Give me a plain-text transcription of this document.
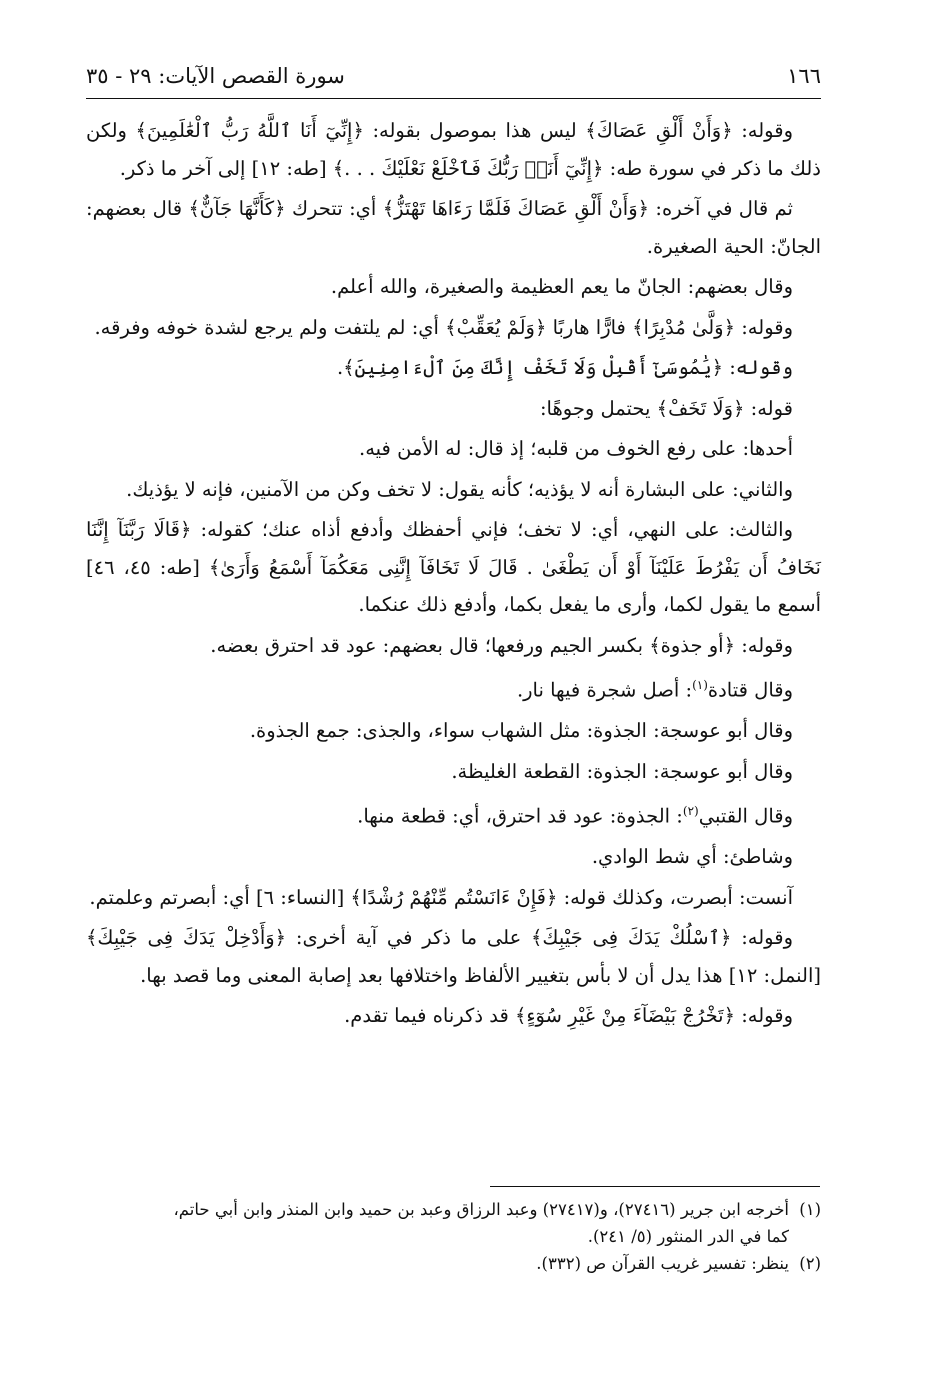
١٦٦
سورة القصص الآيات: ٢٩ - ٣٥

وقوله: ﴿وَأَنْ أَلْقِ عَصَاكَ﴾ ليس هذا بموصول بقوله: ﴿إِنِّيٓ أَنَا ٱللَّهُ رَبُّ ٱلْعَٰلَمِينَ﴾ ولكن ذلك ما ذكر في سورة طه: ﴿إِنِّيٓ أَنَا۠ رَبُّكَ فَٱخْلَعْ نَعْلَيْكَ . . .﴾ [طه: ١٢] إلى آخر ما ذكر.

ثم قال في آخره: ﴿وَأَنْ أَلْقِ عَصَاكَ فَلَمَّا رَءَاهَا تَهْتَزُّ﴾ أي: تتحرك ﴿كَأَنَّهَا جَآنٌّ﴾ قال بعضهم: الجانّ: الحية الصغيرة.

وقال بعضهم: الجانّ ما يعم العظيمة والصغيرة، والله أعلم.

وقوله: ﴿وَلَّىٰ مُدْبِرًا﴾ فارًّا هاربًا ﴿وَلَمْ يُعَقِّبْ﴾ أي: لم يلتفت ولم يرجع لشدة خوفه وفرقه.

وقوله: ﴿يَٰمُوسَىٰٓ أَقْبِلْ وَلَا تَخَفْ إِنَّكَ مِنَ ٱلْءَامِنِينَ﴾.

قوله: ﴿وَلَا تَخَفْ﴾ يحتمل وجوهًا:

أحدها: على رفع الخوف من قلبه؛ إذ قال: له الأمن فيه.

والثاني: على البشارة أنه لا يؤذيه؛ كأنه يقول: لا تخف وكن من الآمنين، فإنه لا يؤذيك.

والثالث: على النهي، أي: لا تخف؛ فإني أحفظك وأدفع أذاه عنك؛ كقوله: ﴿قَالَا رَبَّنَآ إِنَّنَا نَخَافُ أَن يَفْرُطَ عَلَيْنَآ أَوْ أَن يَطْغَىٰ . قَالَ لَا تَخَافَآ إِنَّنِى مَعَكُمَآ أَسْمَعُ وَأَرَىٰ﴾ [طه: ٤٥، ٤٦] أسمع ما يقول لكما، وأرى ما يفعل بكما، وأدفع ذلك عنكما.

وقوله: ﴿أو جذوة﴾ بكسر الجيم ورفعها؛ قال بعضهم: عود قد احترق بعضه.

وقال قتادة$^{(١)}$: أصل شجرة فيها نار.

وقال أبو عوسجة: الجذوة: مثل الشهاب سواء، والجذى: جمع الجذوة.

وقال أبو عوسجة: الجذوة: القطعة الغليظة.

وقال القتبي$^{(٢)}$: الجذوة: عود قد احترق، أي: قطعة منها.

وشاطئ: أي شط الوادي.

آنست: أبصرت، وكذلك قوله: ﴿فَإِنْ ءَانَسْتُم مِّنْهُمْ رُشْدًا﴾ [النساء: ٦] أي: أبصرتم وعلمتم.

وقوله: ﴿ٱسْلُكْ يَدَكَ فِى جَيْبِكَ﴾ على ما ذكر في آية أخرى: ﴿وَأَدْخِلْ يَدَكَ فِى جَيْبِكَ﴾ [النمل: ١٢] هذا يدل أن لا بأس بتغيير الألفاظ واختلافها بعد إصابة المعنى وما قصد بها.

وقوله: ﴿تَخْرُجْ بَيْضَآءَ مِنْ غَيْرِ سُوٓءٍ﴾ قد ذكرناه فيما تقدم.

(١)أخرجه ابن جرير (٢٧٤١٦)، و(٢٧٤١٧) وعبد الرزاق وعبد بن حميد وابن المنذر وابن أبي حاتم،

كما في الدر المنثور (٥/ ٢٤١).

(٢)ينظر: تفسير غريب القرآن ص (٣٣٢).
